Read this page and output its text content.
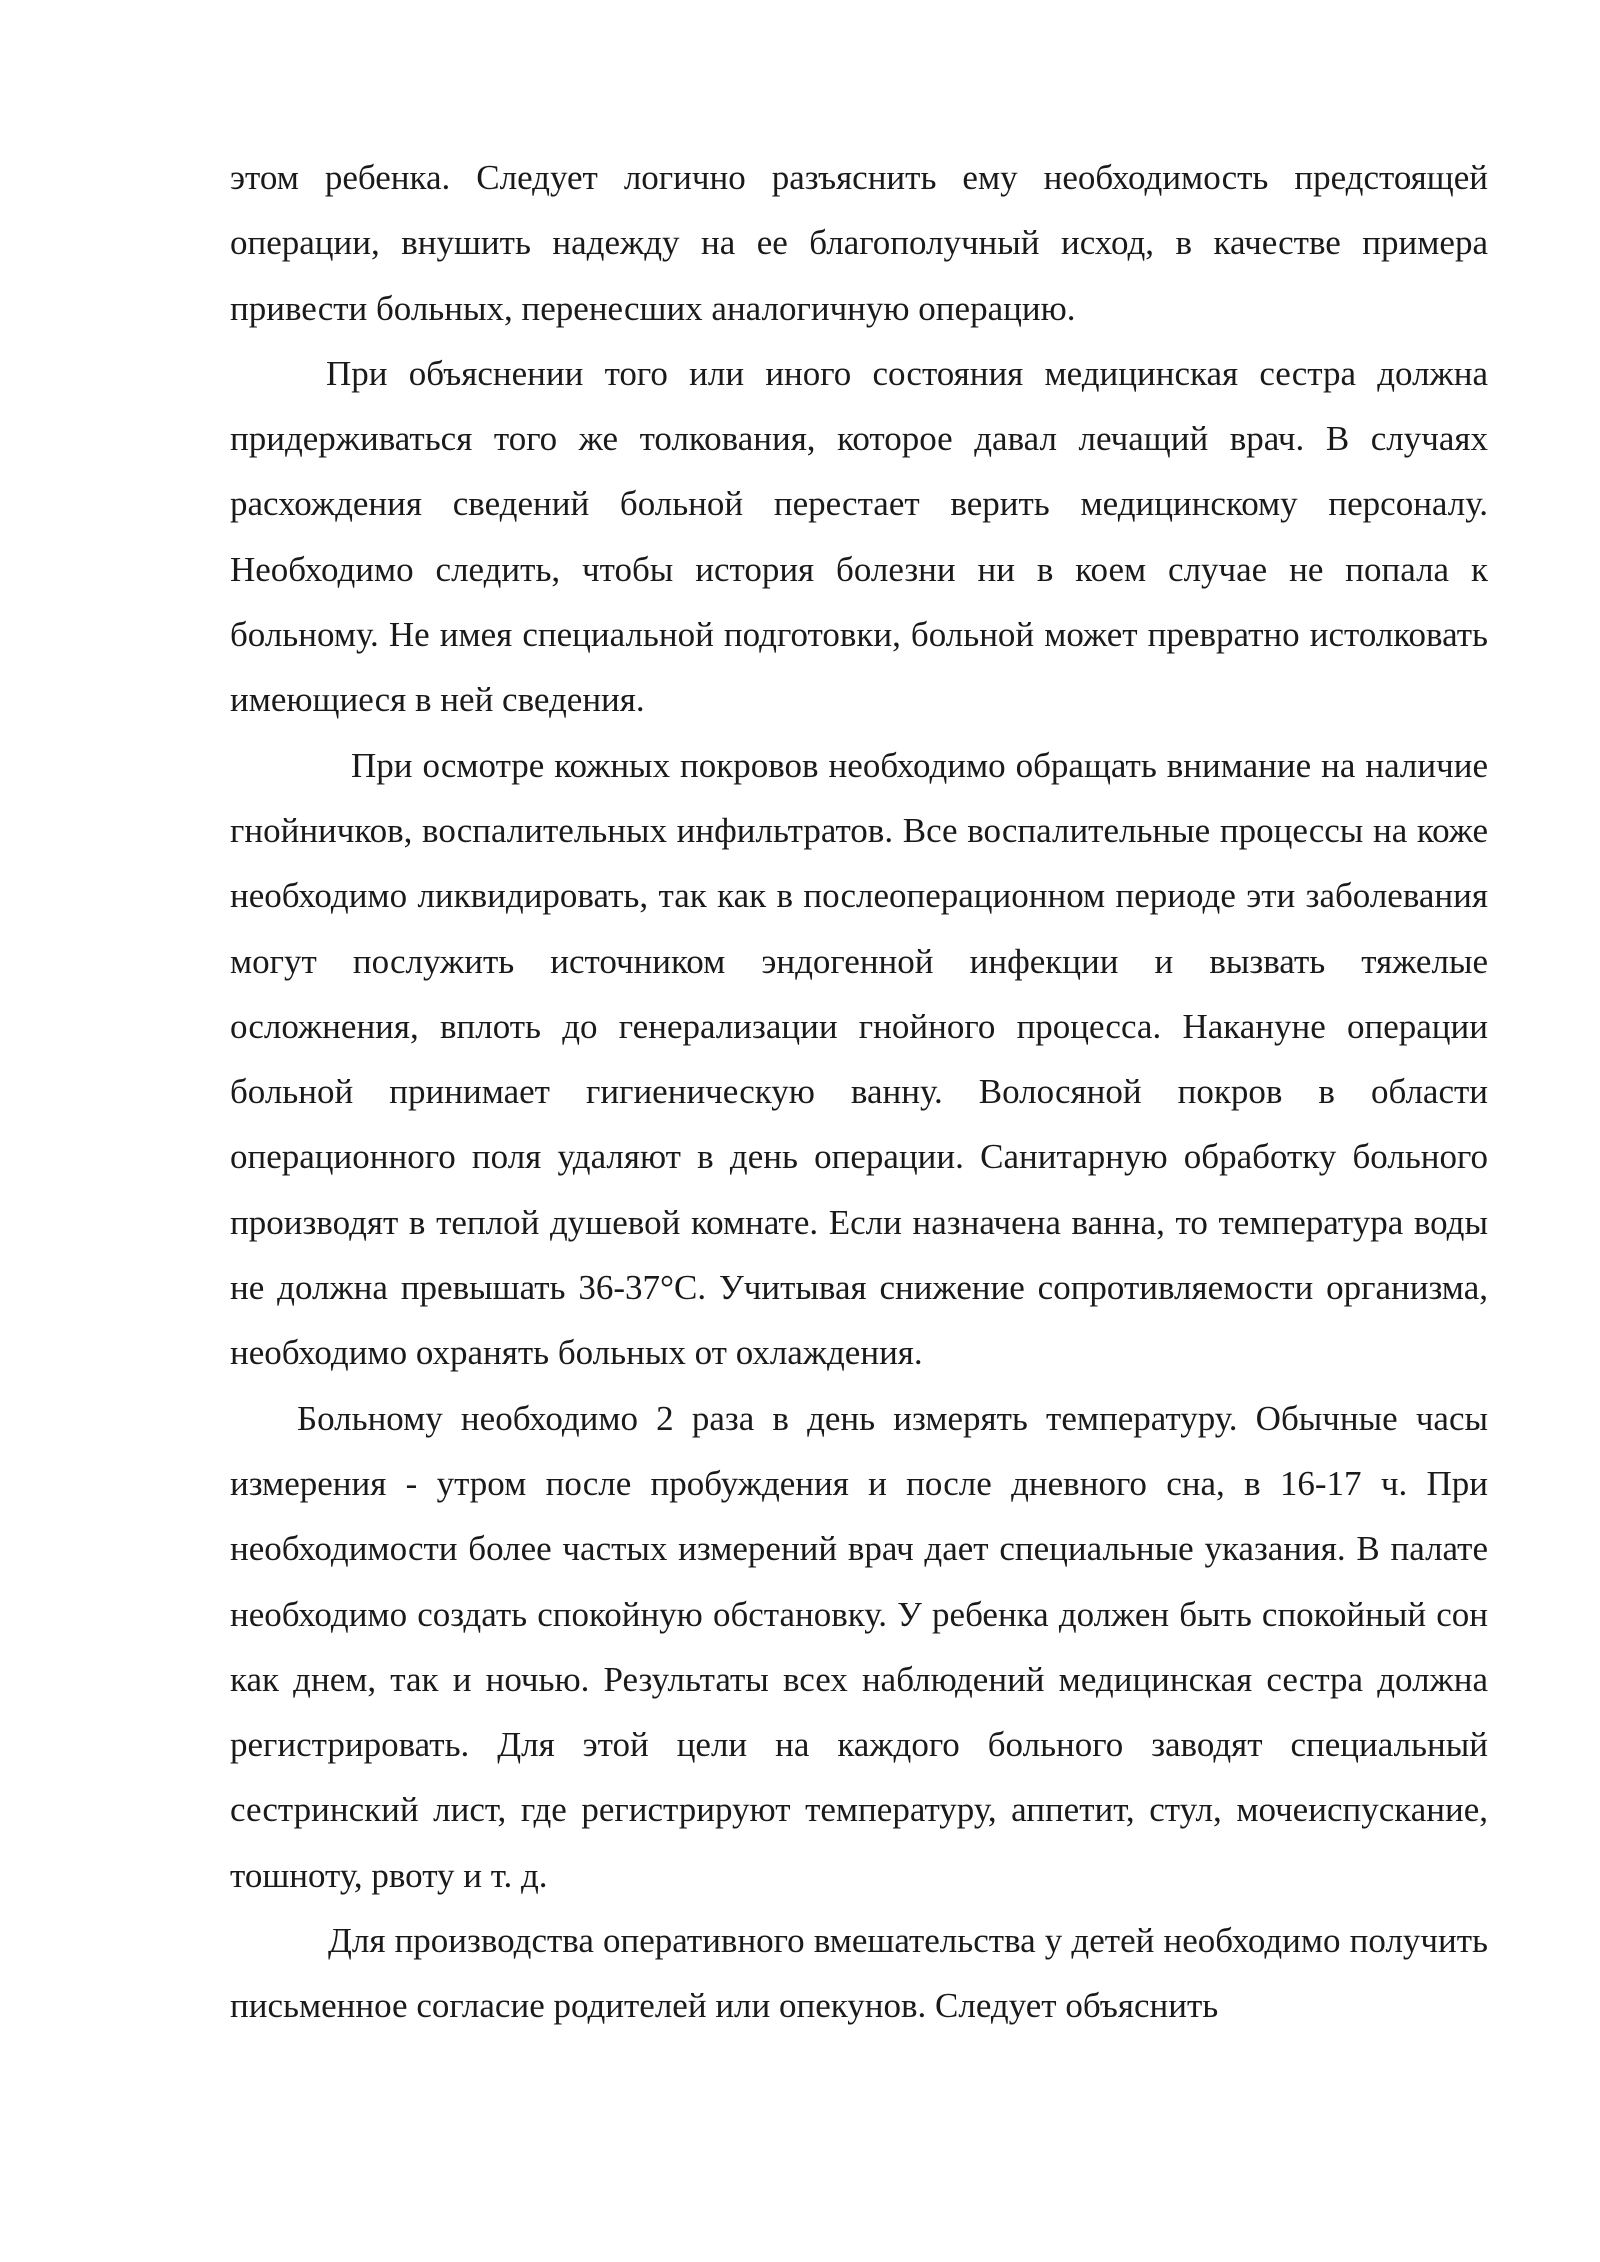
этом ребенка. Следует логично разъяснить ему необходимость предстоящей операции, внушить надежду на ее благополучный исход, в качестве примера привести больных, перенесших аналогичную операцию.

При объяснении того или иного состояния медицинская сестра должна придерживаться того же толкования, которое давал лечащий врач. В случаях расхождения сведений больной перестает верить медицинскому персоналу. Необходимо следить, чтобы история болезни ни в коем случае не попала к больному. Не имея специальной подготовки, больной может превратно истолковать имеющиеся в ней сведения.

При осмотре кожных покровов необходимо обращать внимание на наличие гнойничков, воспалительных инфильтратов. Все воспалительные процессы на коже необходимо ликвидировать, так как в послеоперационном периоде эти заболевания могут послужить источником эндогенной инфекции и вызвать тяжелые осложнения, вплоть до генерализации гнойного процесса. Накануне операции больной принимает гигиеническую ванну. Волосяной покров в области операционного поля удаляют в день операции. Санитарную обработку больного производят в теплой душевой комнате. Если назначена ванна, то температура воды не должна превышать 36-37°С. Учитывая снижение сопротивляемости организма, необходимо охранять больных от охлаждения.

Больному необходимо 2 раза в день измерять температуру. Обычные часы измерения - утром после пробуждения и после дневного сна, в 16-17 ч. При необходимости более частых измерений врач дает специальные указания. В палате необходимо создать спокойную обстановку. У ребенка должен быть спокойный сон как днем, так и ночью. Результаты всех наблюдений медицинская сестра должна регистрировать. Для этой цели на каждого больного заводят специальный сестринский лист, где регистрируют температуру, аппетит, стул, мочеиспускание, тошноту, рвоту и т. д.

Для производства оперативного вмешательства у детей необходимо получить письменное согласие родителей или опекунов. Следует объяснить
